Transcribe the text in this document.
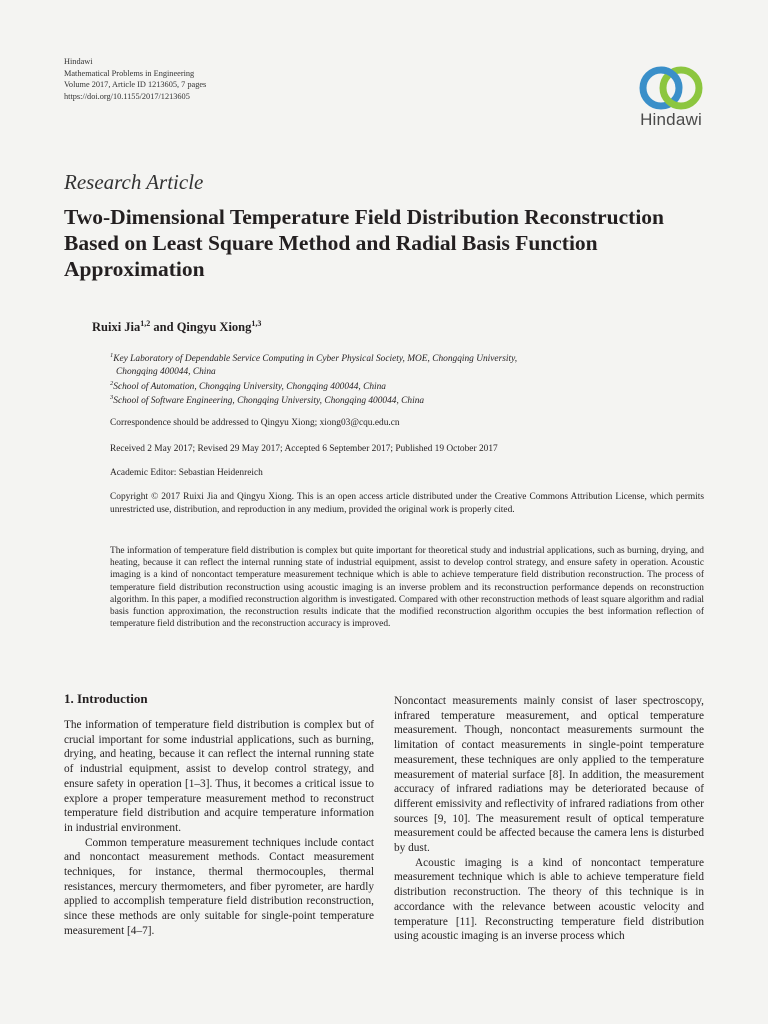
Hindawi
Mathematical Problems in Engineering
Volume 2017, Article ID 1213605, 7 pages
https://doi.org/10.1155/2017/1213605
Hindawi
Research Article
Two-Dimensional Temperature Field Distribution Reconstruction Based on Least Square Method and Radial Basis Function Approximation
Ruixi Jia$^{1,2}$ and Qingyu Xiong$^{1,3}$
$^1$Key Laboratory of Dependable Service Computing in Cyber Physical Society, MOE, Chongqing University,
Chongqing 400044, China
$^2$School of Automation, Chongqing University, Chongqing 400044, China
$^3$School of Software Engineering, Chongqing University, Chongqing 400044, China
Correspondence should be addressed to Qingyu Xiong; xiong03@cqu.edu.cn
Received 2 May 2017; Revised 29 May 2017; Accepted 6 September 2017; Published 19 October 2017
Academic Editor: Sebastian Heidenreich
Copyright © 2017 Ruixi Jia and Qingyu Xiong. This is an open access article distributed under the Creative Commons Attribution License, which permits unrestricted use, distribution, and reproduction in any medium, provided the original work is properly cited.
The information of temperature field distribution is complex but quite important for theoretical study and industrial applications, such as burning, drying, and heating, because it can reflect the internal running state of industrial equipment, assist to develop control strategy, and ensure safety in operation. Acoustic imaging is a kind of noncontact temperature measurement technique which is able to achieve temperature field distribution reconstruction. The process of temperature field distribution reconstruction using acoustic imaging is an inverse problem and its reconstruction performance depends on reconstruction algorithm. In this paper, a modified reconstruction algorithm is investigated. Compared with other reconstruction methods of least square algorithm and radial basis function approximation, the reconstruction results indicate that the modified reconstruction algorithm occupies the best information reflection of temperature field distribution and the reconstruction accuracy is improved.
1. Introduction

The information of temperature field distribution is complex but of crucial important for some industrial applications, such as burning, drying, and heating, because it can reflect the internal running state of industrial equipment, assist to develop control strategy, and ensure safety in operation [1–3]. Thus, it becomes a critical issue to explore a proper temperature measurement method to reconstruct temperature field distribution and acquire temperature information in industrial environment.

Common temperature measurement techniques include contact and noncontact measurement methods. Contact measurement techniques, for instance, thermal thermocouples, thermal resistances, mercury thermometers, and fiber pyrometer, are hardly applied to accomplish temperature field distribution reconstruction, since these methods are only suitable for single-point temperature measurement [4–7].

Noncontact measurements mainly consist of laser spectroscopy, infrared temperature measurement, and optical temperature measurement. Though, noncontact measurements surmount the limitation of contact measurements in single-point temperature measurement, these techniques are only applied to the temperature measurement of material surface [8]. In addition, the measurement accuracy of infrared radiations may be deteriorated because of different emissivity and reflectivity of infrared radiations from other sources [9, 10]. The measurement result of optical temperature measurement could be affected because the camera lens is disturbed by dust.

Acoustic imaging is a kind of noncontact temperature measurement technique which is able to achieve temperature field distribution reconstruction. The theory of this technique is in accordance with the relevance between acoustic velocity and temperature [11]. Reconstructing temperature field distribution using acoustic imaging is an inverse process which
